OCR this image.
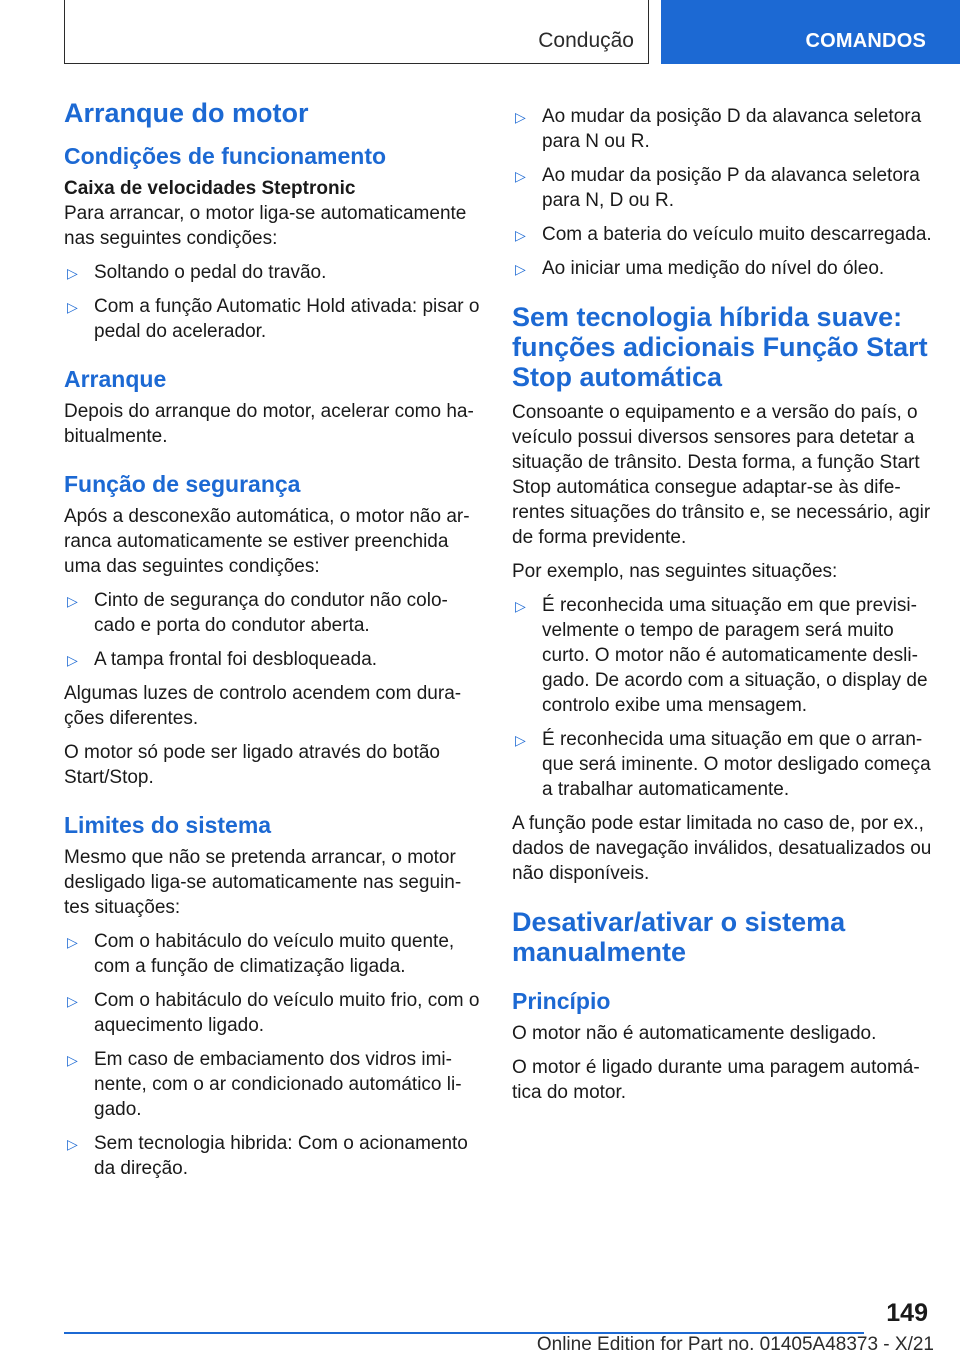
Condução	COMANDOS
Arranque do motor
Condições de funcionamento
Caixa de velocidades Steptronic

Para arrancar, o motor liga-se automaticamente nas seguintes condições:

▷ Soltando o pedal do travão.
▷ Com a função Automatic Hold ativada: pisar o pedal do acelerador.
Arranque

Depois do arranque do motor, acelerar como habitualmente.

Função de segurança

Após a desconexão automática, o motor não arranca automaticamente se estiver preenchida uma das seguintes condições:

▷ Cinto de segurança do condutor não colocado e porta do condutor aberta.
▷ A tampa frontal foi desbloqueada.

Algumas luzes de controlo acendem com durações diferentes.

O motor só pode ser ligado através do botão Start/Stop.

Limites do sistema

Mesmo que não se pretenda arrancar, o motor desligado liga-se automaticamente nas seguintes situações:

▷ Com o habitáculo do veículo muito quente, com a função de climatização ligada.
▷ Com o habitáculo do veículo muito frio, com o aquecimento ligado.
▷ Em caso de embaciamento dos vidros iminente, com o ar condicionado automático ligado.
▷ Sem tecnologia hibrida: Com o acionamento da direção.
▷ Ao mudar da posição D da alavanca seletora para N ou R.
▷ Ao mudar da posição P da alavanca seletora para N, D ou R.
▷ Com a bateria do veículo muito descarregada.
▷ Ao iniciar uma medição do nível do óleo.
Sem tecnologia híbrida suave: funções adicionais Função Start Stop automática

Consoante o equipamento e a versão do país, o veículo possui diversos sensores para detetar a situação de trânsito. Desta forma, a função Start Stop automática consegue adaptar-se às diferentes situações do trânsito e, se necessário, agir de forma previdente.

Por exemplo, nas seguintes situações:

▷ É reconhecida uma situação em que previsivelmente o tempo de paragem será muito curto. O motor não é automaticamente desligado. De acordo com a situação, o display de controlo exibe uma mensagem.
▷ É reconhecida uma situação em que o arranque será iminente. O motor desligado começa a trabalhar automaticamente.

A função pode estar limitada no caso de, por ex., dados de navegação inválidos, desatualizados ou não disponíveis.

Desativar/ativar o sistema manualmente
Princípio

O motor não é automaticamente desligado.

O motor é ligado durante uma paragem automática do motor.

149
Online Edition for Part no. 01405A48373 - X/21
